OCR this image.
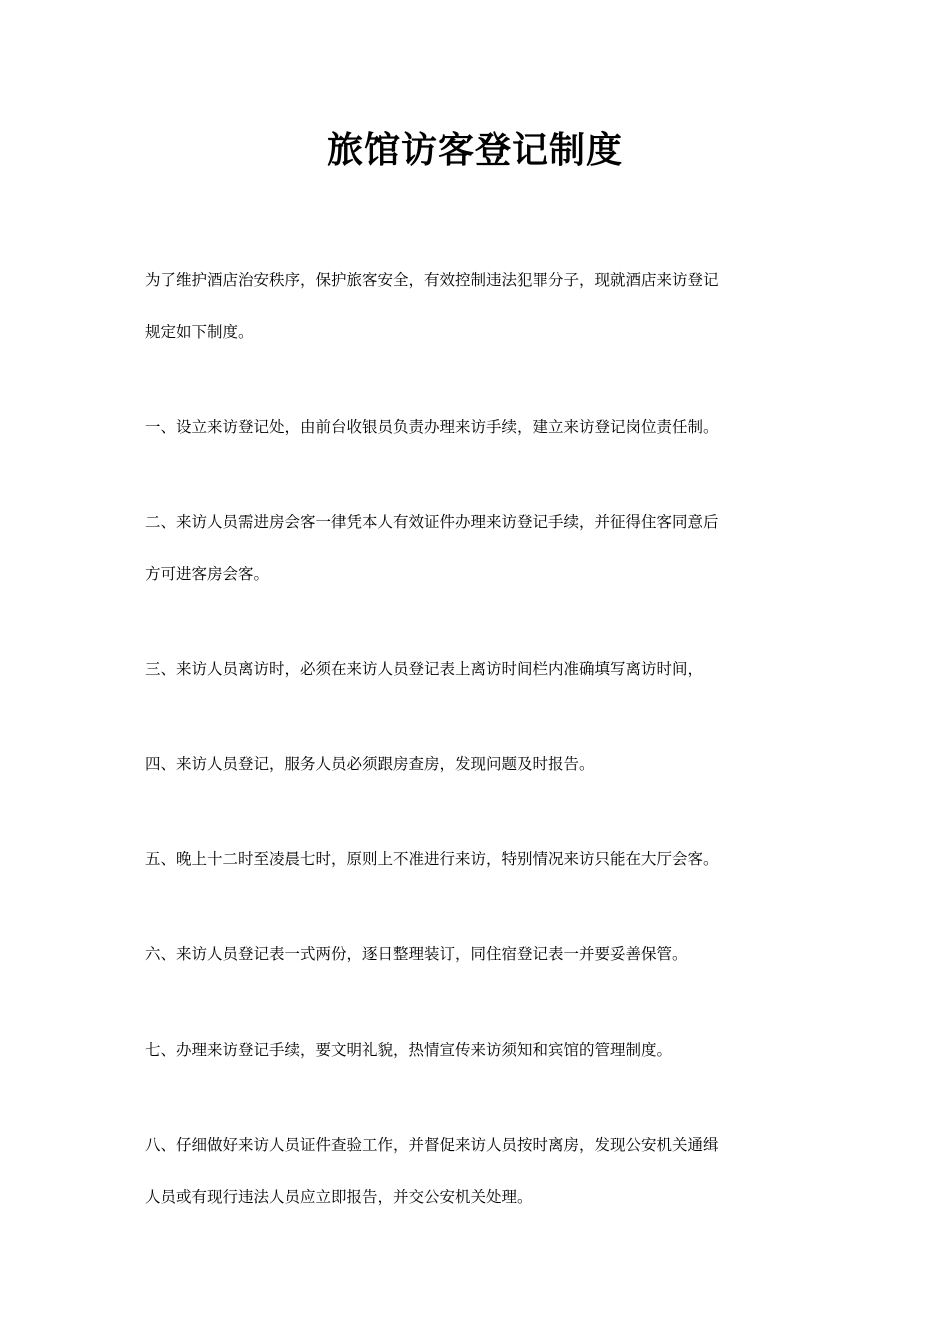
旅馆访客登记制度
为了维护酒店治安秩序，保护旅客安全，有效控制违法犯罪分子，现就酒店来访登记
规定如下制度。
一、设立来访登记处，由前台收银员负责办理来访手续，建立来访登记岗位责任制。
二、来访人员需进房会客一律凭本人有效证件办理来访登记手续，并征得住客同意后
方可进客房会客。
三、来访人员离访时，必须在来访人员登记表上离访时间栏内准确填写离访时间，
四、来访人员登记，服务人员必须跟房查房，发现问题及时报告。
五、晚上十二时至凌晨七时，原则上不准进行来访，特别情况来访只能在大厅会客。
六、来访人员登记表一式两份，逐日整理装订，同住宿登记表一并要妥善保管。
七、办理来访登记手续，要文明礼貌，热情宣传来访须知和宾馆的管理制度。
八、仔细做好来访人员证件查验工作，并督促来访人员按时离房，发现公安机关通缉
人员或有现行违法人员应立即报告，并交公安机关处理。
